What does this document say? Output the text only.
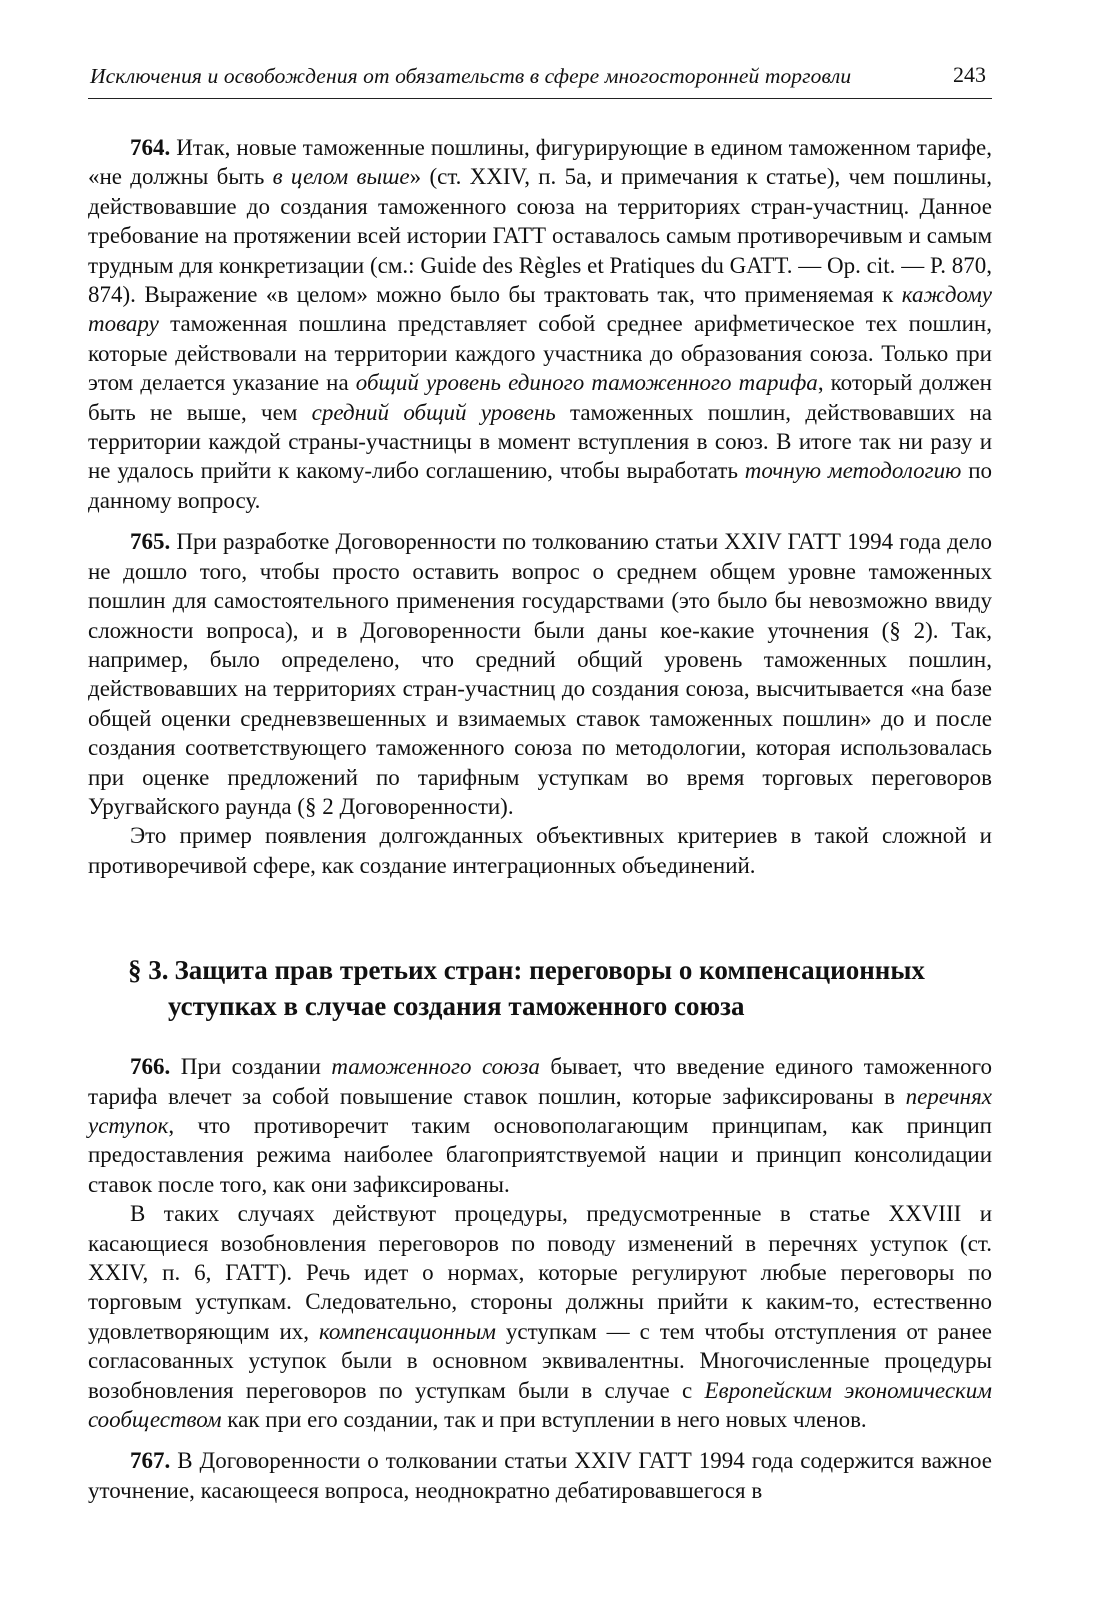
Исключения и освобождения от обязательств в сфере многосторонней торговли	243

764. Итак, новые таможенные пошлины, фигурирующие в едином таможенном тарифе, «не должны быть в целом выше» (ст. XXIV, п. 5a, и примечания к статье), чем пошлины, действовавшие до создания таможенного союза на территориях стран-участниц. Данное требование на протяжении всей истории ГАТТ оставалось самым противоречивым и самым трудным для конкретизации (см.: Guide des Règles et Pratiques du GATT. — Op. cit. — P. 870, 874). Выражение «в целом» можно было бы трактовать так, что применяемая к каждому товару таможенная пошлина представляет собой среднее арифметическое тех пошлин, которые действовали на территории каждого участника до образования союза. Только при этом делается указание на общий уровень единого таможенного тарифа, который должен быть не выше, чем средний общий уровень таможенных пошлин, действовавших на территории каждой страны-участницы в момент вступления в союз. В итоге так ни разу и не удалось прийти к какому-либо соглашению, чтобы выработать точную методологию по данному вопросу.

765. При разработке Договоренности по толкованию статьи XXIV ГАТТ 1994 года дело не дошло того, чтобы просто оставить вопрос о среднем общем уровне таможенных пошлин для самостоятельного применения государствами (это было бы невозможно ввиду сложности вопроса), и в Договоренности были даны кое-какие уточнения (§ 2). Так, например, было определено, что средний общий уровень таможенных пошлин, действовавших на территориях стран-участниц до создания союза, высчитывается «на базе общей оценки средневзвешенных и взимаемых ставок таможенных пошлин» до и после создания соответствующего таможенного союза по методологии, которая использовалась при оценке предложений по тарифным уступкам во время торговых переговоров Уругвайского раунда (§ 2 Договоренности).

Это пример появления долгожданных объективных критериев в такой сложной и противоречивой сфере, как создание интеграционных объединений.

§ 3. Защита прав третьих стран: переговоры о компенсационных
уступках в случае создания таможенного союза

766. При создании таможенного союза бывает, что введение единого таможенного тарифа влечет за собой повышение ставок пошлин, которые зафиксированы в перечнях уступок, что противоречит таким основополагающим принципам, как принцип предоставления режима наиболее благоприятствуемой нации и принцип консолидации ставок после того, как они зафиксированы.

В таких случаях действуют процедуры, предусмотренные в статье XXVIII и касающиеся возобновления переговоров по поводу изменений в перечнях уступок (ст. XXIV, п. 6, ГАТТ). Речь идет о нормах, которые регулируют любые переговоры по торговым уступкам. Следовательно, стороны должны прийти к каким-то, естественно удовлетворяющим их, компенсационным уступкам — с тем чтобы отступления от ранее согласованных уступок были в основном эквивалентны. Многочисленные процедуры возобновления переговоров по уступкам были в случае с Европейским экономическим сообществом как при его создании, так и при вступлении в него новых членов.

767. В Договоренности о толковании статьи XXIV ГАТТ 1994 года содержится важное уточнение, касающееся вопроса, неоднократно дебатировавшегося в
